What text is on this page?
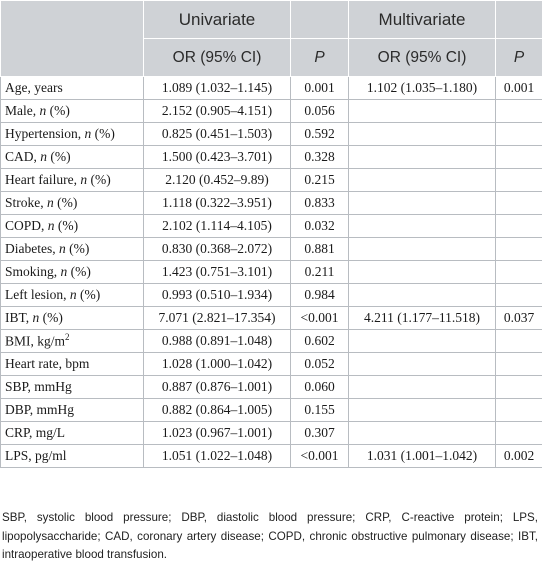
	Univariate		Multivariate	
	OR (95% CI)	P	OR (95% CI)	P
Age, years	1.089 (1.032–1.145)	0.001	1.102 (1.035–1.180)	0.001
Male, n (%)	2.152 (0.905–4.151)	0.056		
Hypertension, n (%)	0.825 (0.451–1.503)	0.592		
CAD, n (%)	1.500 (0.423–3.701)	0.328		
Heart failure, n (%)	2.120 (0.452–9.89)	0.215		
Stroke, n (%)	1.118 (0.322–3.951)	0.833		
COPD, n (%)	2.102 (1.114–4.105)	0.032		
Diabetes, n (%)	0.830 (0.368–2.072)	0.881		
Smoking, n (%)	1.423 (0.751–3.101)	0.211		
Left lesion, n (%)	0.993 (0.510–1.934)	0.984		
IBT, n (%)	7.071 (2.821–17.354)	<0.001	4.211 (1.177–11.518)	0.037
BMI, $kg/m^2$	0.988 (0.891–1.048)	0.602		
Heart rate, bpm	1.028 (1.000–1.042)	0.052		
SBP, mmHg	0.887 (0.876–1.001)	0.060		
DBP, mmHg	0.882 (0.864–1.005)	0.155		
CRP, mg/L	1.023 (0.967–1.001)	0.307		
LPS, pg/ml	1.051 (1.022–1.048)	<0.001	1.031 (1.001–1.042)	0.002
SBP, systolic blood pressure; DBP, diastolic blood pressure; CRP, C-reactive protein; LPS, lipopolysaccharide; CAD, coronary artery disease; COPD, chronic obstructive pulmonary disease; IBT, intraoperative blood transfusion.
